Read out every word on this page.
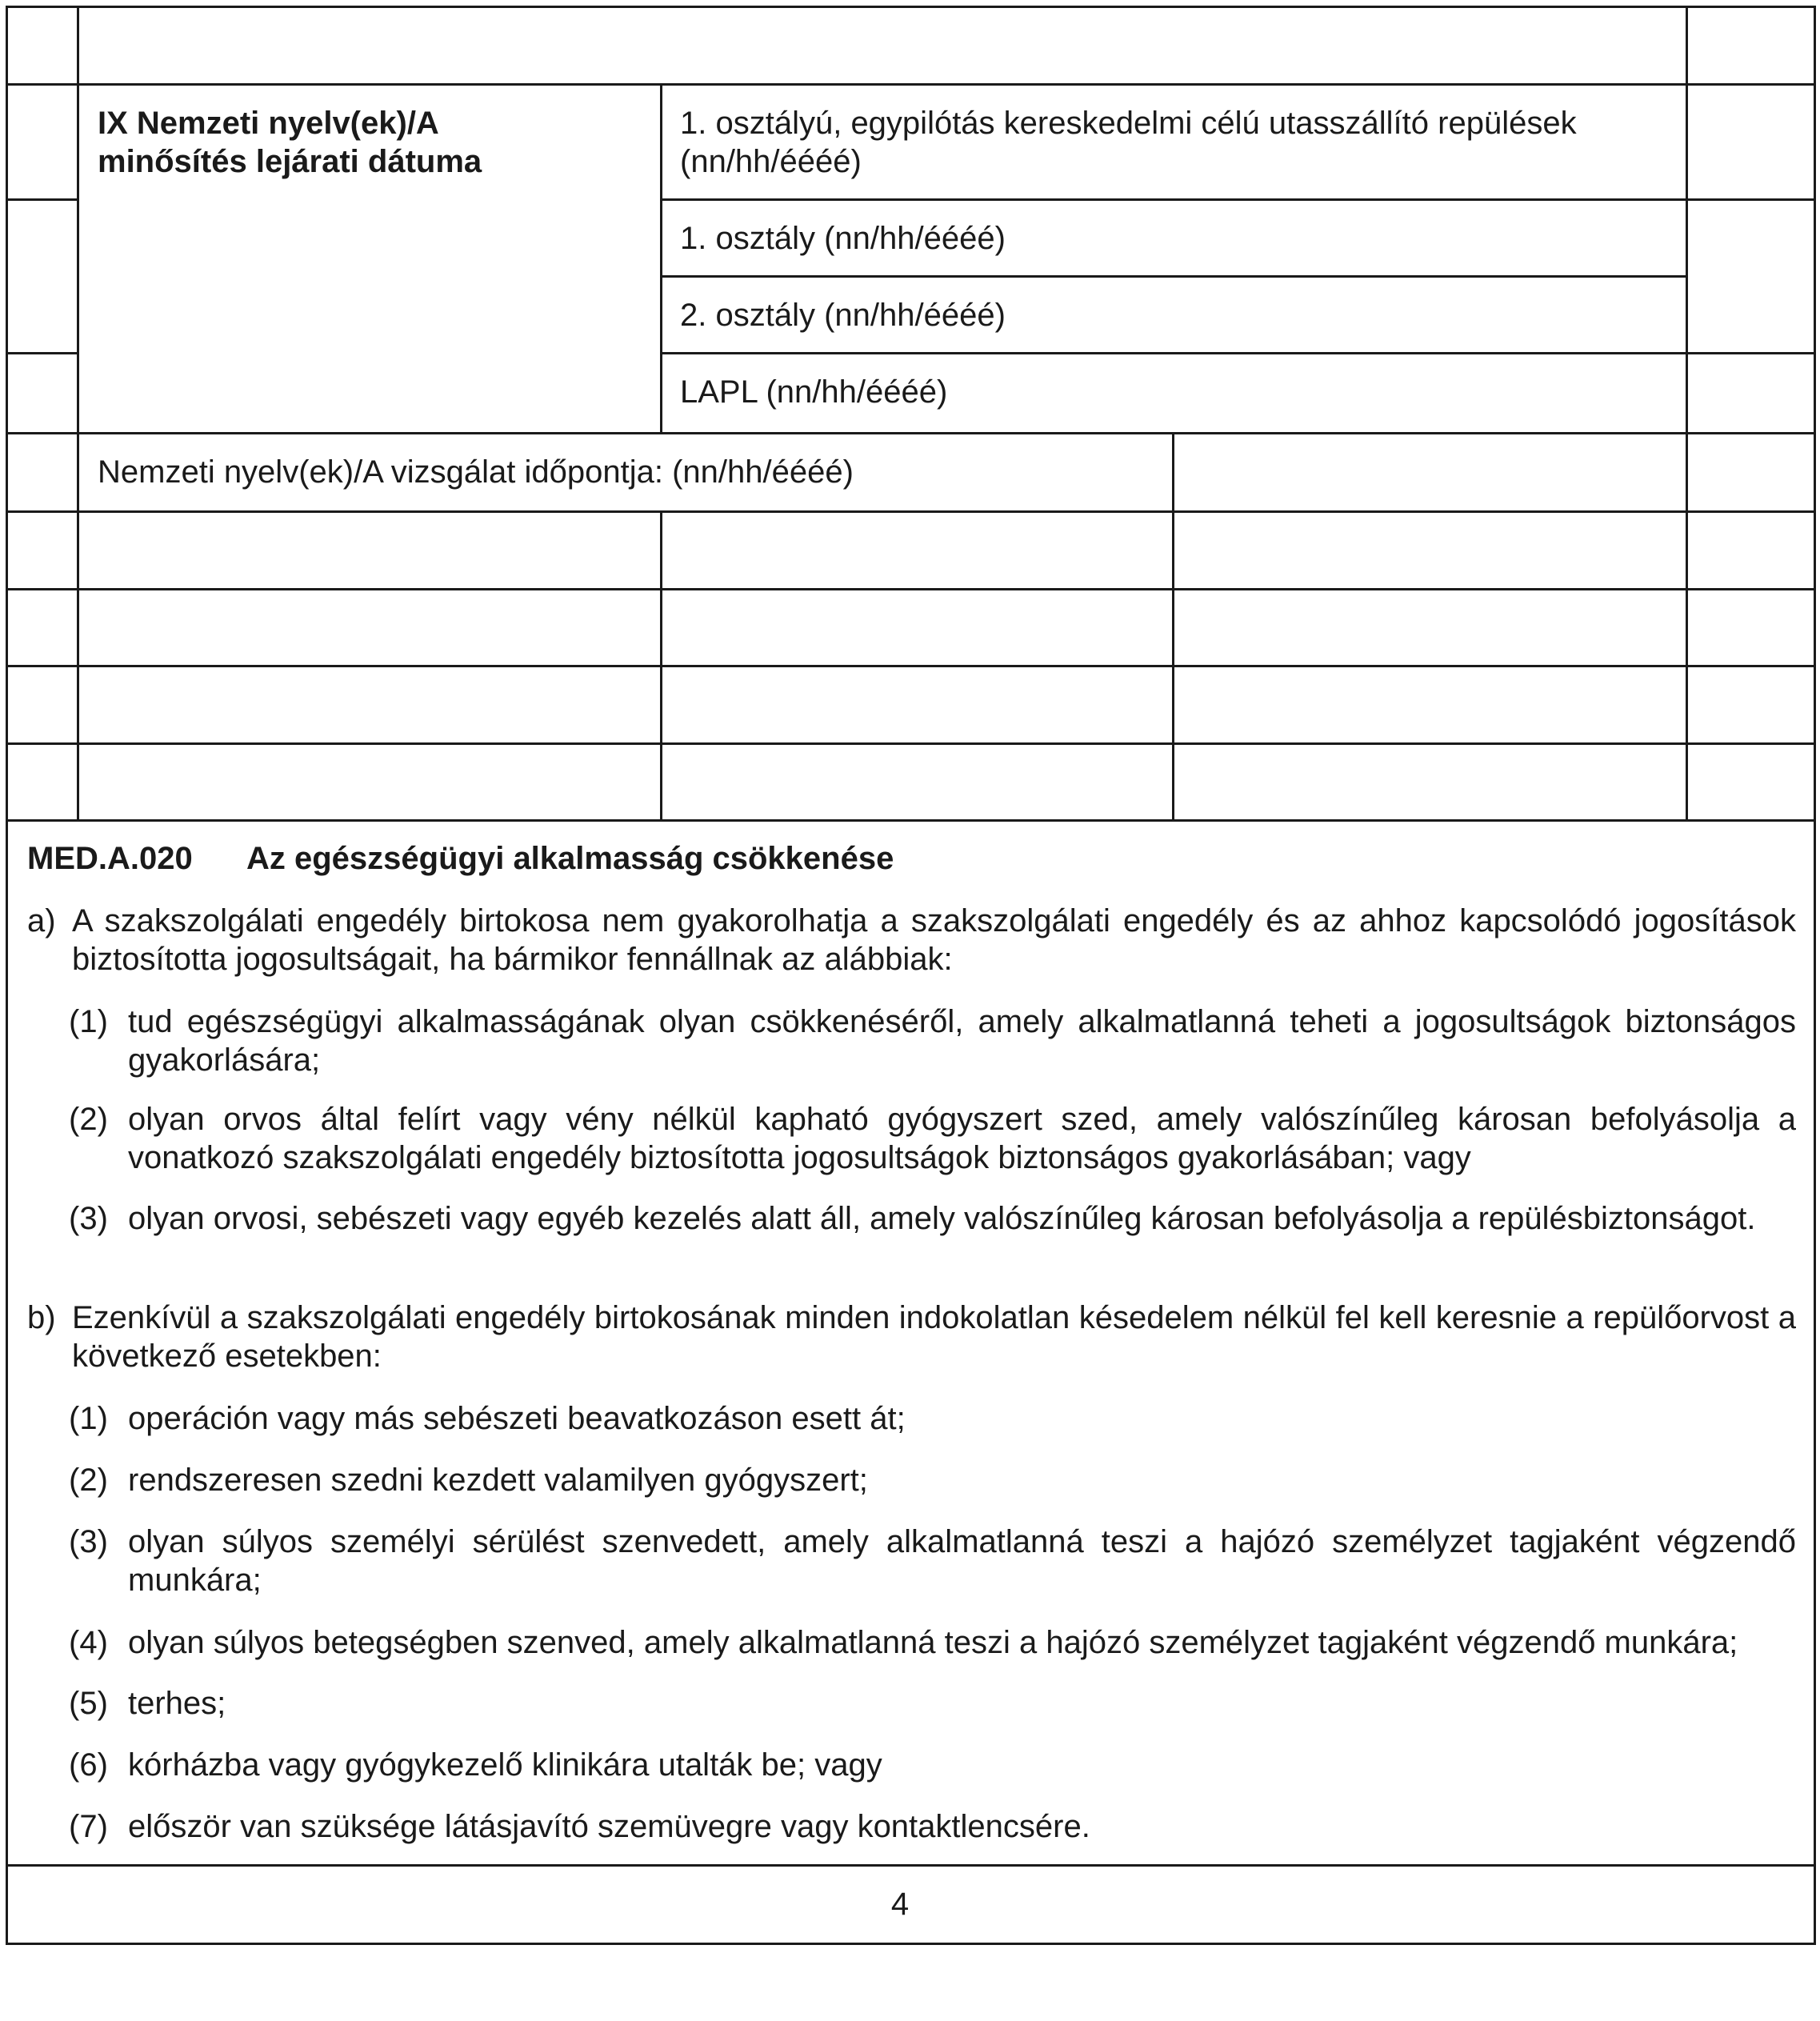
IX Nemzeti nyelv(ek)/A minősítés lejárati dátuma
1. osztályú, egypilótás kereskedelmi célú utasszállító repülések (nn/hh/éééé)
1. osztály (nn/hh/éééé)
2. osztály (nn/hh/éééé)
LAPL (nn/hh/éééé)
Nemzeti nyelv(ek)/A vizsgálat időpontja: (nn/hh/éééé)
MED.A.020 Az egészségügyi alkalmasság csökkenése
a) A szakszolgálati engedély birtokosa nem gyakorolhatja a szakszolgálati engedély és az ahhoz kapcsolódó jogosítások biztosította jogosultságait, ha bármikor fennállnak az alábbiak:
(1) tud egészségügyi alkalmasságának olyan csökkenéséről, amely alkalmatlanná teheti a jogosultságok biztonságos gyakorlására;
(2) olyan orvos által felírt vagy vény nélkül kapható gyógyszert szed, amely valószínűleg károsan befolyásolja a vonatkozó szakszolgálati engedély biztosította jogosultságok biztonságos gyakorlásában; vagy
(3) olyan orvosi, sebészeti vagy egyéb kezelés alatt áll, amely valószínűleg károsan befolyásolja a repülésbiztonságot.
b) Ezenkívül a szakszolgálati engedély birtokosának minden indokolatlan késedelem nélkül fel kell keresnie a repülőorvost a következő esetekben:
(1) operáción vagy más sebészeti beavatkozáson esett át;
(2) rendszeresen szedni kezdett valamilyen gyógyszert;
(3) olyan súlyos személyi sérülést szenvedett, amely alkalmatlanná teszi a hajózó személyzet tagjaként végzendő munkára;
(4) olyan súlyos betegségben szenved, amely alkalmatlanná teszi a hajózó személyzet tagjaként végzendő munkára;
(5) terhes;
(6) kórházba vagy gyógykezelő klinikára utalták be; vagy
(7) először van szüksége látásjavító szemüvegre vagy kontaktlencsére.
4
